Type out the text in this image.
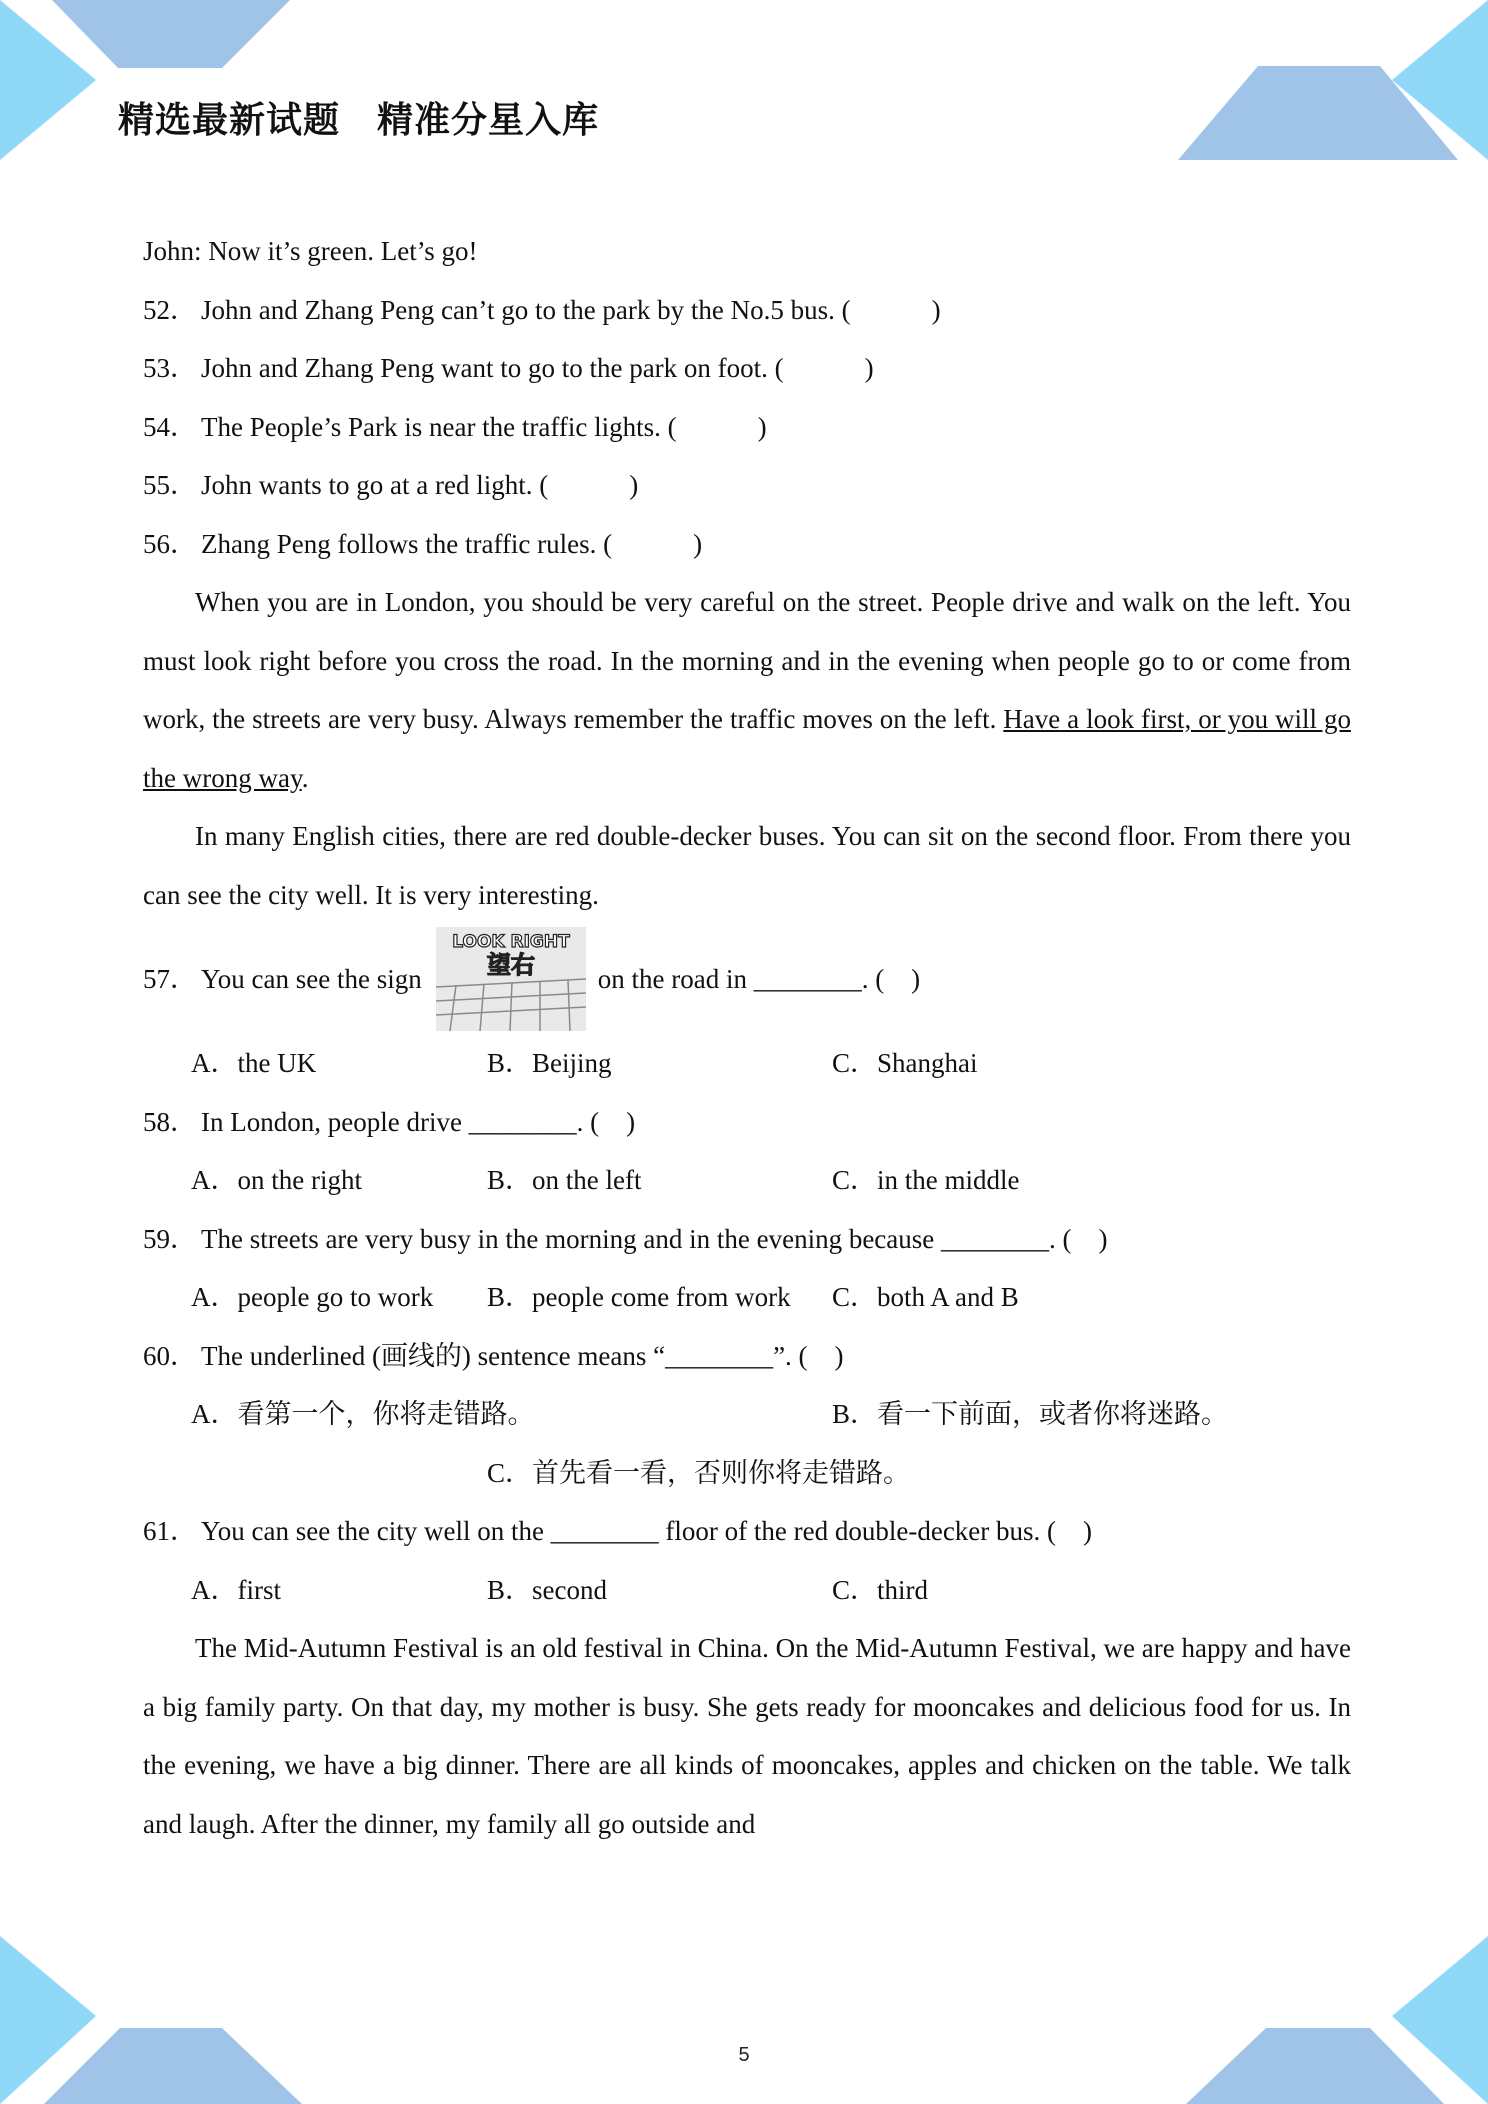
精选最新试题　精准分星入库
John: Now it’s green. Let’s go!
52． John and Zhang Peng can’t go to the park by the No.5 bus. (　　　)
53． John and Zhang Peng want to go to the park on foot. (　　　)
54． The People’s Park is near the traffic lights. (　　　)
55． John wants to go at a red light. (　　　)
56． Zhang Peng follows the traffic rules. (　　　)

When you are in London, you should be very careful on the street. People drive and walk on the left. You must look right before you cross the road. In the morning and in the evening when people go to or come from work, the streets are very busy. Always remember the traffic moves on the left. Have a look first, or you will go the wrong way.

In many English cities, there are red double-decker buses. You can sit on the second floor. From there you can see the city well. It is very interesting.

57． You can see the sign
LOOK RIGHT
望右 on the road in ________. (　)
A．the UK	B．Beijing	C．Shanghai
58． In London, people drive ________. (　)
A．on the right	B．on the left	C．in the middle
59． The streets are very busy in the morning and in the evening because ________. (　)
A．people go to work B．people come from work C．both A and B
60． The underlined (画线的) sentence means “________”. (　)
A．看第一个，你将走错路。	B．看一下前面，或者你将迷路。
C．首先看一看，否则你将走错路。
61． You can see the city well on the ________ floor of the red double-decker bus. (　)
A．first	B．second	C．third

The Mid-Autumn Festival is an old festival in China. On the Mid-Autumn Festival, we are happy and have a big family party. On that day, my mother is busy. She gets ready for mooncakes and delicious food for us. In the evening, we have a big dinner. There are all kinds of mooncakes, apples and chicken on the table. We talk and laugh. After the dinner, my family all go outside and

5
